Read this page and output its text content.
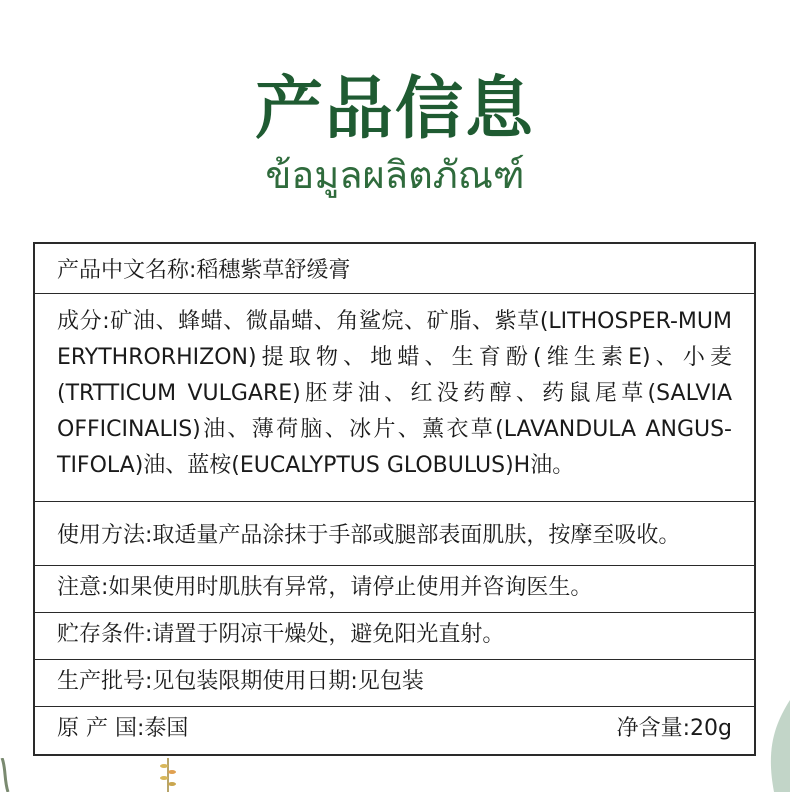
产品信息
ข้อมูลผลิตภัณฑ์
产品中文名称:稻穗紫草舒缓膏
成分:矿油、蜂蜡、微晶蜡、角鲨烷、矿脂、紫草(LITHOSPER-MUM ERYTHRORHIZON)提取物、地蜡、生育酚(维生素E)、小麦(TRTTICUM VULGARE)胚芽油、红没药醇、药鼠尾草(SALVIA OFFICINALIS)油、薄荷脑、冰片、薰衣草(LAVANDULA ANGUS-TIFOLA)油、蓝桉(EUCALYPTUS GLOBULUS)H油。
使用方法:取适量产品涂抹于手部或腿部表面肌肤，按摩至吸收。
注意:如果使用时肌肤有异常，请停止使用并咨询医生。
贮存条件:请置于阴凉干燥处，避免阳光直射。
生产批号:见包装限期使用日期:见包装
原 产 国:泰国	净含量:20g
